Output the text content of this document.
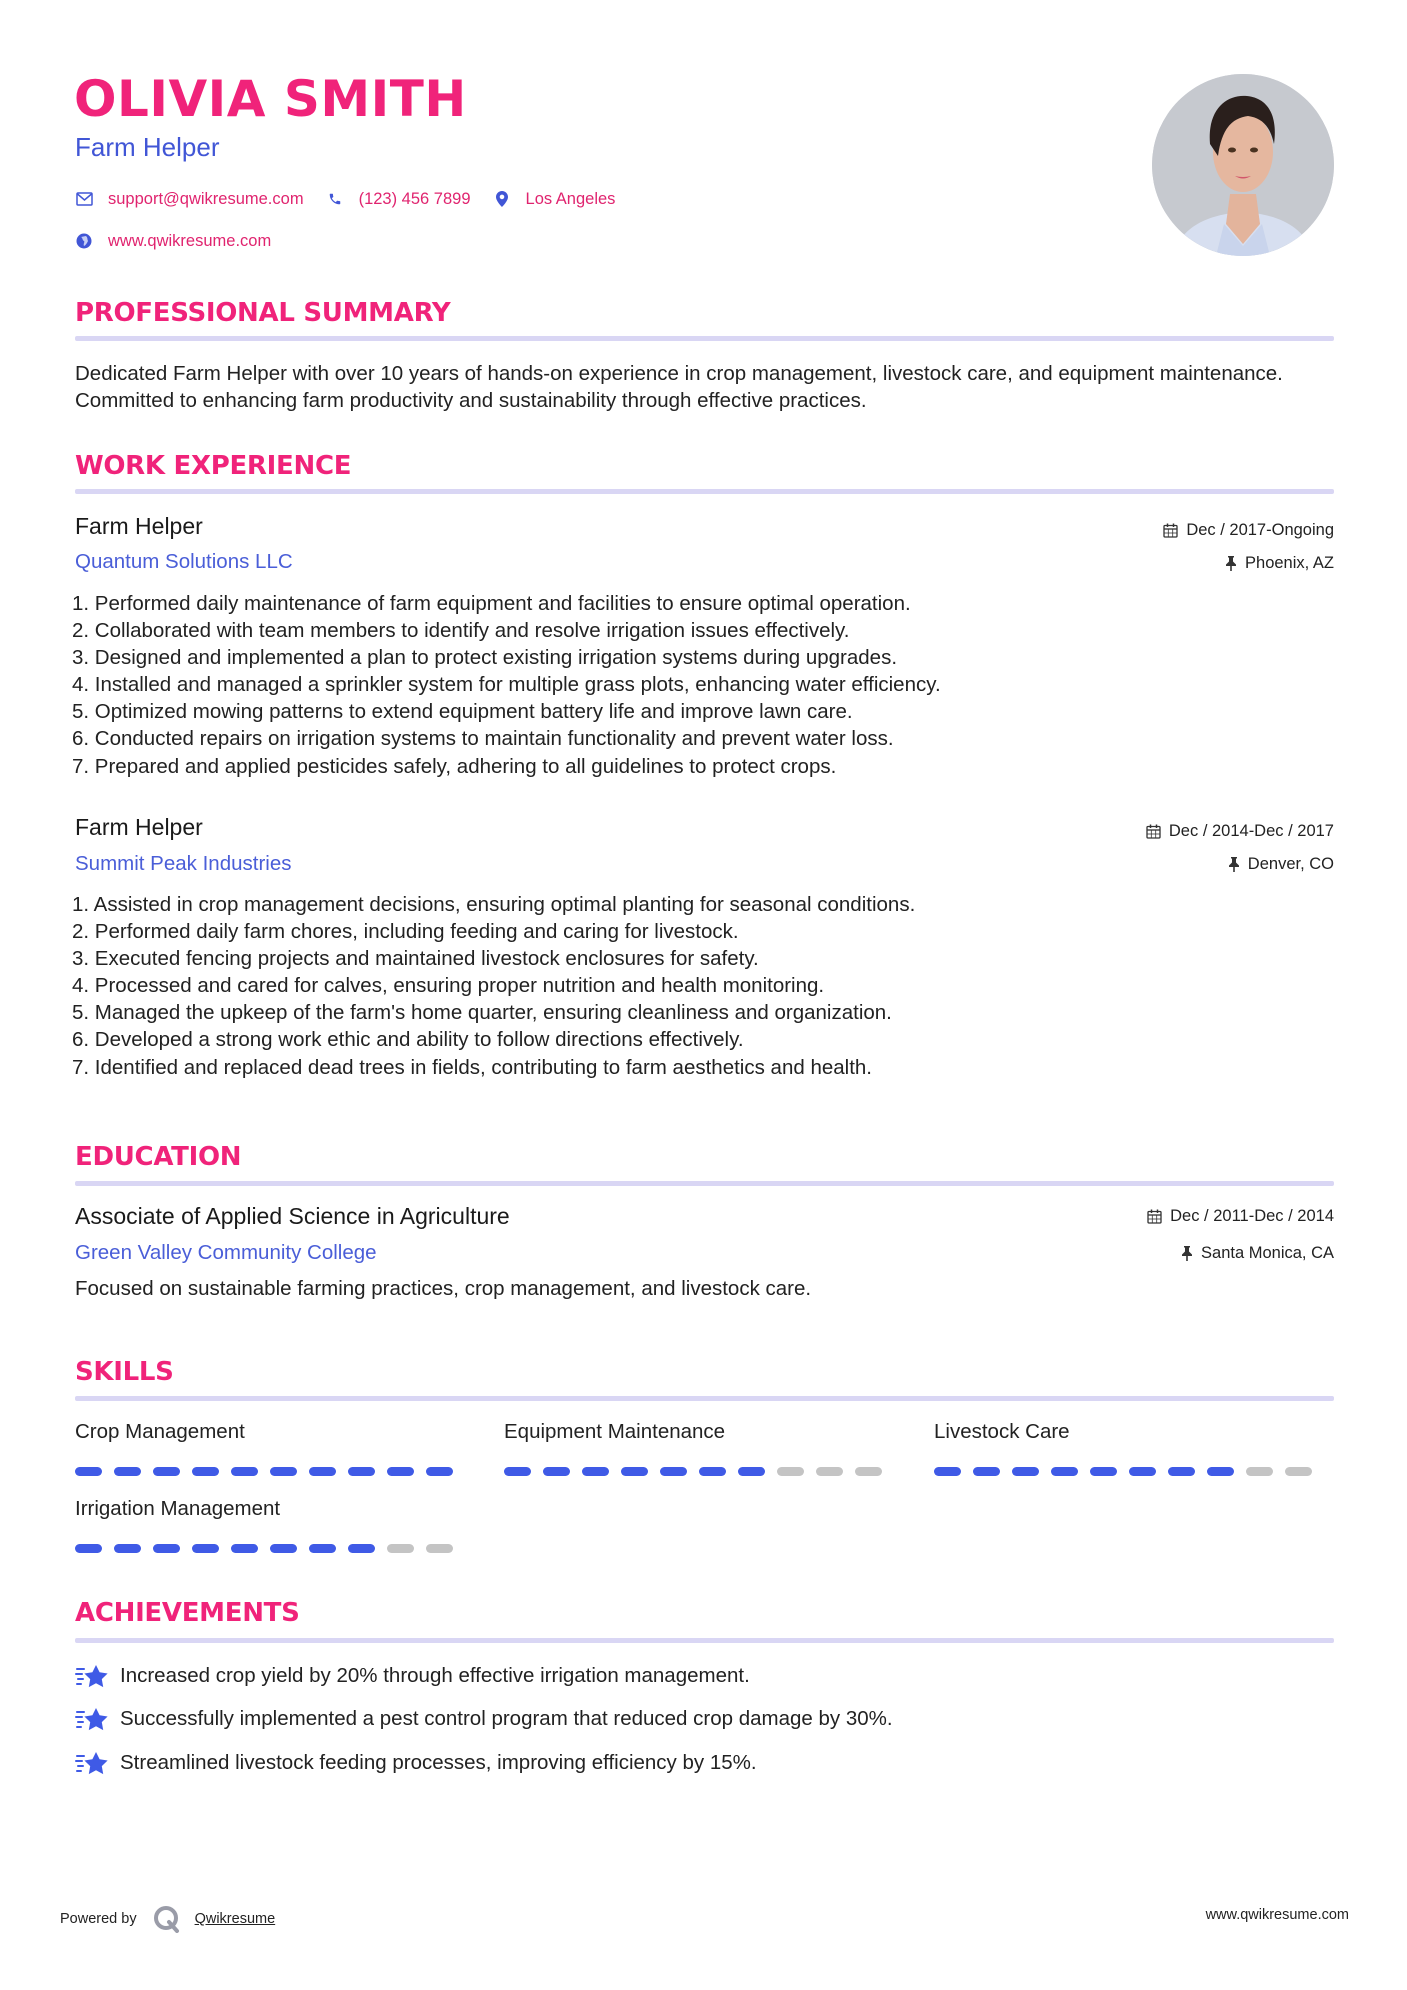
OLIVIA SMITH
Farm Helper
support@qwikresume.com	(123) 456 7899	Los Angeles
www.qwikresume.com
PROFESSIONAL SUMMARY

Dedicated Farm Helper with over 10 years of hands-on experience in crop management, livestock care, and equipment maintenance. Committed to enhancing farm productivity and sustainability through effective practices.

WORK EXPERIENCE
Farm Helper
Quantum Solutions LLC
Dec / 2017-Ongoing
Phoenix, AZ
1. Performed daily maintenance of farm equipment and facilities to ensure optimal operation.
2. Collaborated with team members to identify and resolve irrigation issues effectively.
3. Designed and implemented a plan to protect existing irrigation systems during upgrades.
4. Installed and managed a sprinkler system for multiple grass plots, enhancing water efficiency.
5. Optimized mowing patterns to extend equipment battery life and improve lawn care.
6. Conducted repairs on irrigation systems to maintain functionality and prevent water loss.
7. Prepared and applied pesticides safely, adhering to all guidelines to protect crops.
Farm Helper
Summit Peak Industries
Dec / 2014-Dec / 2017
Denver, CO
1. Assisted in crop management decisions, ensuring optimal planting for seasonal conditions.
2. Performed daily farm chores, including feeding and caring for livestock.
3. Executed fencing projects and maintained livestock enclosures for safety.
4. Processed and cared for calves, ensuring proper nutrition and health monitoring.
5. Managed the upkeep of the farm's home quarter, ensuring cleanliness and organization.
6. Developed a strong work ethic and ability to follow directions effectively.
7. Identified and replaced dead trees in fields, contributing to farm aesthetics and health.
EDUCATION
Associate of Applied Science in Agriculture
Green Valley Community College
Dec / 2011-Dec / 2014
Santa Monica, CA
Focused on sustainable farming practices, crop management, and livestock care.
SKILLS
Crop Management	Equipment Maintenance	Livestock Care
Irrigation Management
ACHIEVEMENTS
Increased crop yield by 20% through effective irrigation management.
Successfully implemented a pest control program that reduced crop damage by 30%.
Streamlined livestock feeding processes, improving efficiency by 15%.
Powered by	Qwikresume	www.qwikresume.com
